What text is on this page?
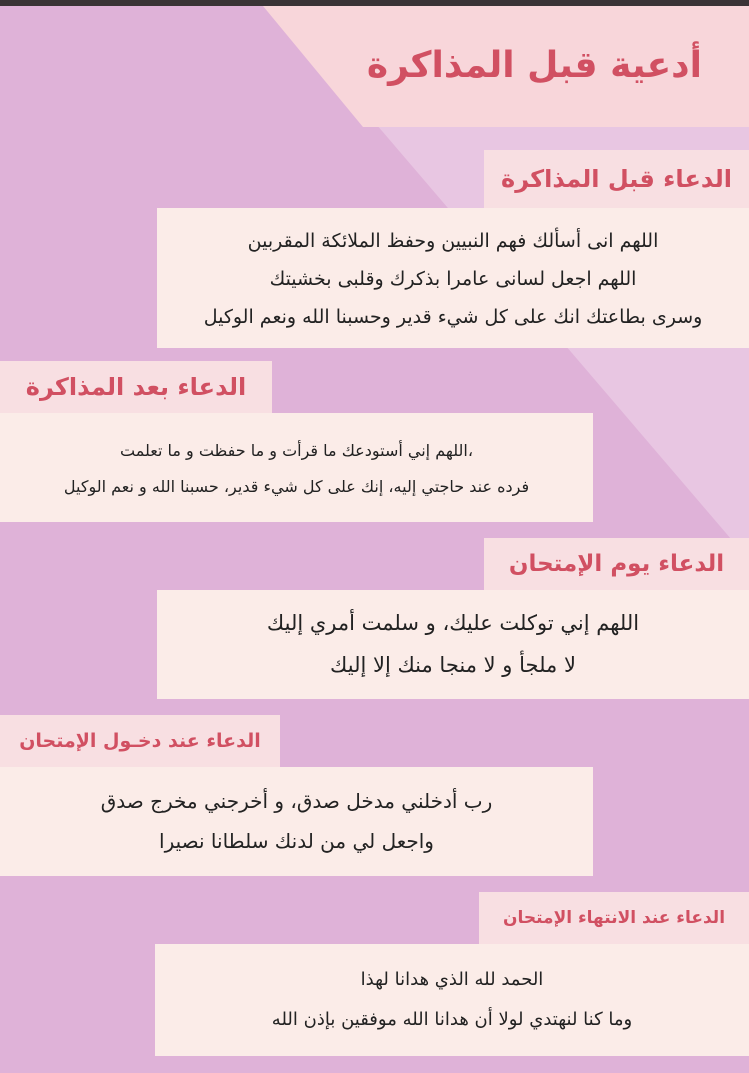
أدعية قبل المذاكرة
الدعاء قبل المذاكرة
اللهم انى أسألك فهم النبيين وحفظ الملائكة المقربين
اللهم اجعل لسانى عامرا بذكرك وقلبى بخشيتك
وسرى بطاعتك انك على كل شيء قدير وحسبنا الله ونعم الوكيل
الدعاء بعد المذاكرة
،اللهم إني أستودعك ما قرأت و ما حفظت و ما تعلمت
فرده عند حاجتي إليه، إنك على كل شيء قدير، حسبنا الله و نعم الوكيل
الدعاء يوم الإمتحان
اللهم إني توكلت عليك، و سلمت أمري إليك
لا ملجأ و لا منجا منك إلا إليك
الدعاء عند دخـول الإمتحان
رب أدخلني مدخل صدق، و أخرجني مخرج صدق
واجعل لي من لدنك سلطانا نصيرا
الدعاء عند الانتهاء الإمتحان
الحمد لله الذي هدانا لهذا
وما كنا لنهتدي لولا أن هدانا الله موفقين بإذن الله
